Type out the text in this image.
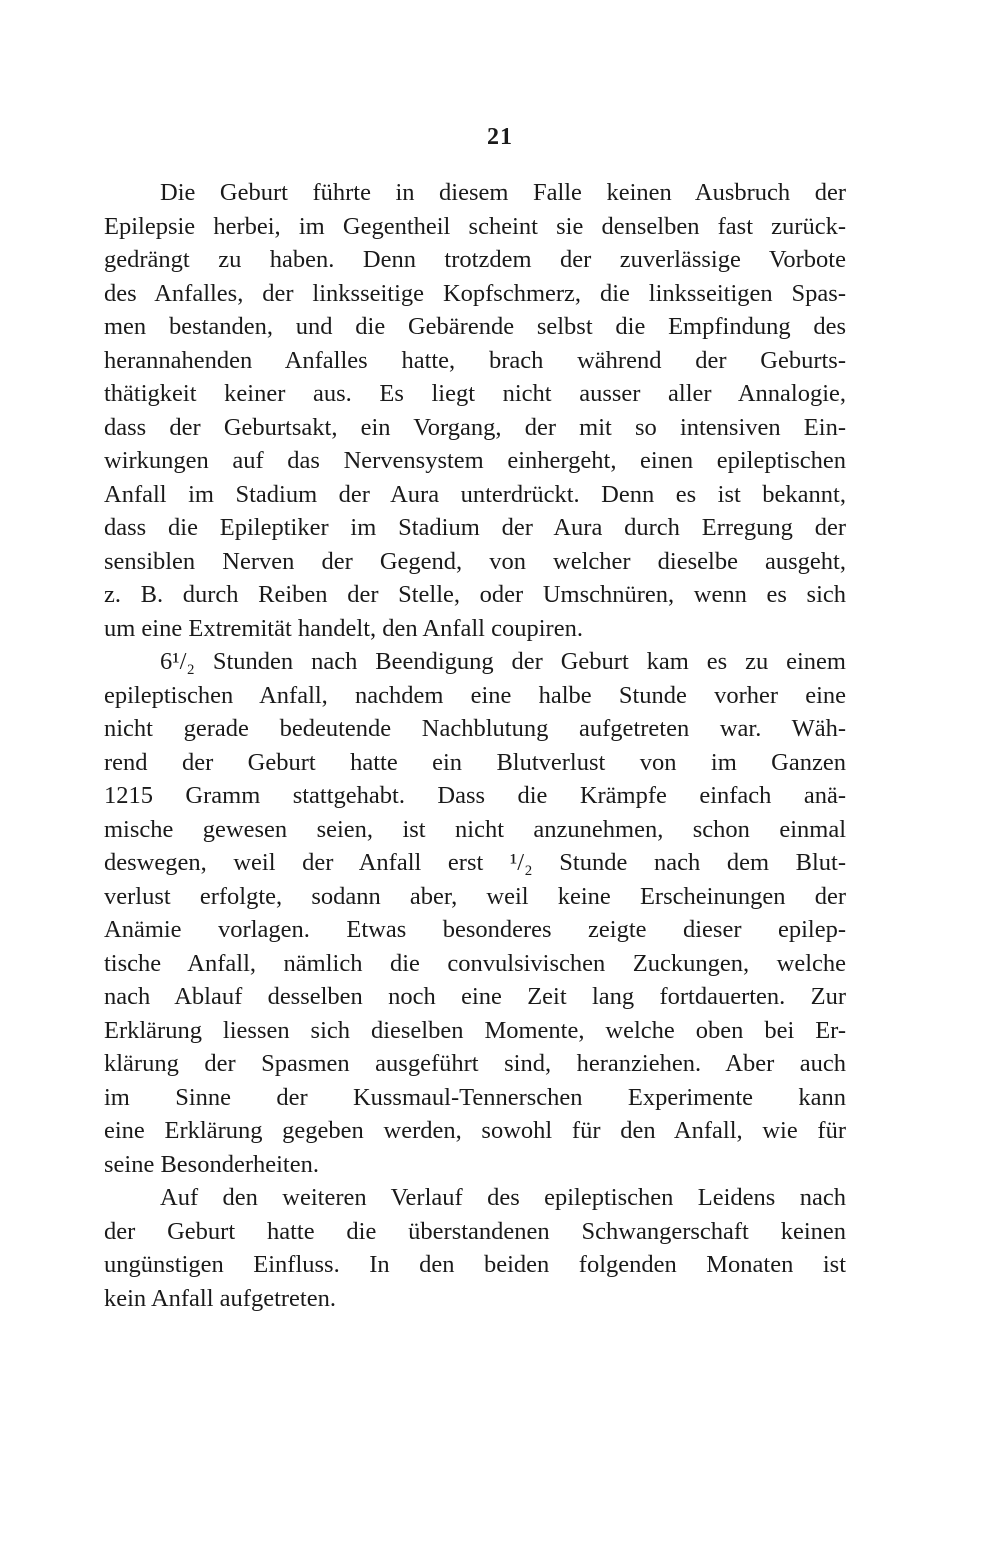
21
Die Geburt führte in diesem Falle keinen Ausbruch der
Epilepsie herbei, im Gegentheil scheint sie denselben fast zurück-
gedrängt zu haben. Denn trotzdem der zuverlässige Vorbote
des Anfalles, der linksseitige Kopfschmerz, die linksseitigen Spas-
men bestanden, und die Gebärende selbst die Empfindung des
herannahenden Anfalles hatte, brach während der Geburts-
thätigkeit keiner aus. Es liegt nicht ausser aller Annalogie,
dass der Geburtsakt, ein Vorgang, der mit so intensiven Ein-
wirkungen auf das Nervensystem einhergeht, einen epileptischen
Anfall im Stadium der Aura unterdrückt. Denn es ist bekannt,
dass die Epileptiker im Stadium der Aura durch Erregung der
sensiblen Nerven der Gegend, von welcher dieselbe ausgeht,
z. B. durch Reiben der Stelle, oder Umschnüren, wenn es sich
um eine Extremität handelt, den Anfall coupiren.
6¹/₂ Stunden nach Beendigung der Geburt kam es zu einem
epileptischen Anfall, nachdem eine halbe Stunde vorher eine
nicht gerade bedeutende Nachblutung aufgetreten war. Wäh-
rend der Geburt hatte ein Blutverlust von im Ganzen
1215 Gramm stattgehabt. Dass die Krämpfe einfach anä-
mische gewesen seien, ist nicht anzunehmen, schon einmal
deswegen, weil der Anfall erst ¹/₂ Stunde nach dem Blut-
verlust erfolgte, sodann aber, weil keine Erscheinungen der
Anämie vorlagen. Etwas besonderes zeigte dieser epilep-
tische Anfall, nämlich die convulsivischen Zuckungen, welche
nach Ablauf desselben noch eine Zeit lang fortdauerten. Zur
Erklärung liessen sich dieselben Momente, welche oben bei Er-
klärung der Spasmen ausgeführt sind, heranziehen. Aber auch
im Sinne der Kussmaul-Tennerschen Experimente kann
eine Erklärung gegeben werden, sowohl für den Anfall, wie für
seine Besonderheiten.
Auf den weiteren Verlauf des epileptischen Leidens nach
der Geburt hatte die überstandenen Schwangerschaft keinen
ungünstigen Einfluss. In den beiden folgenden Monaten ist
kein Anfall aufgetreten.
